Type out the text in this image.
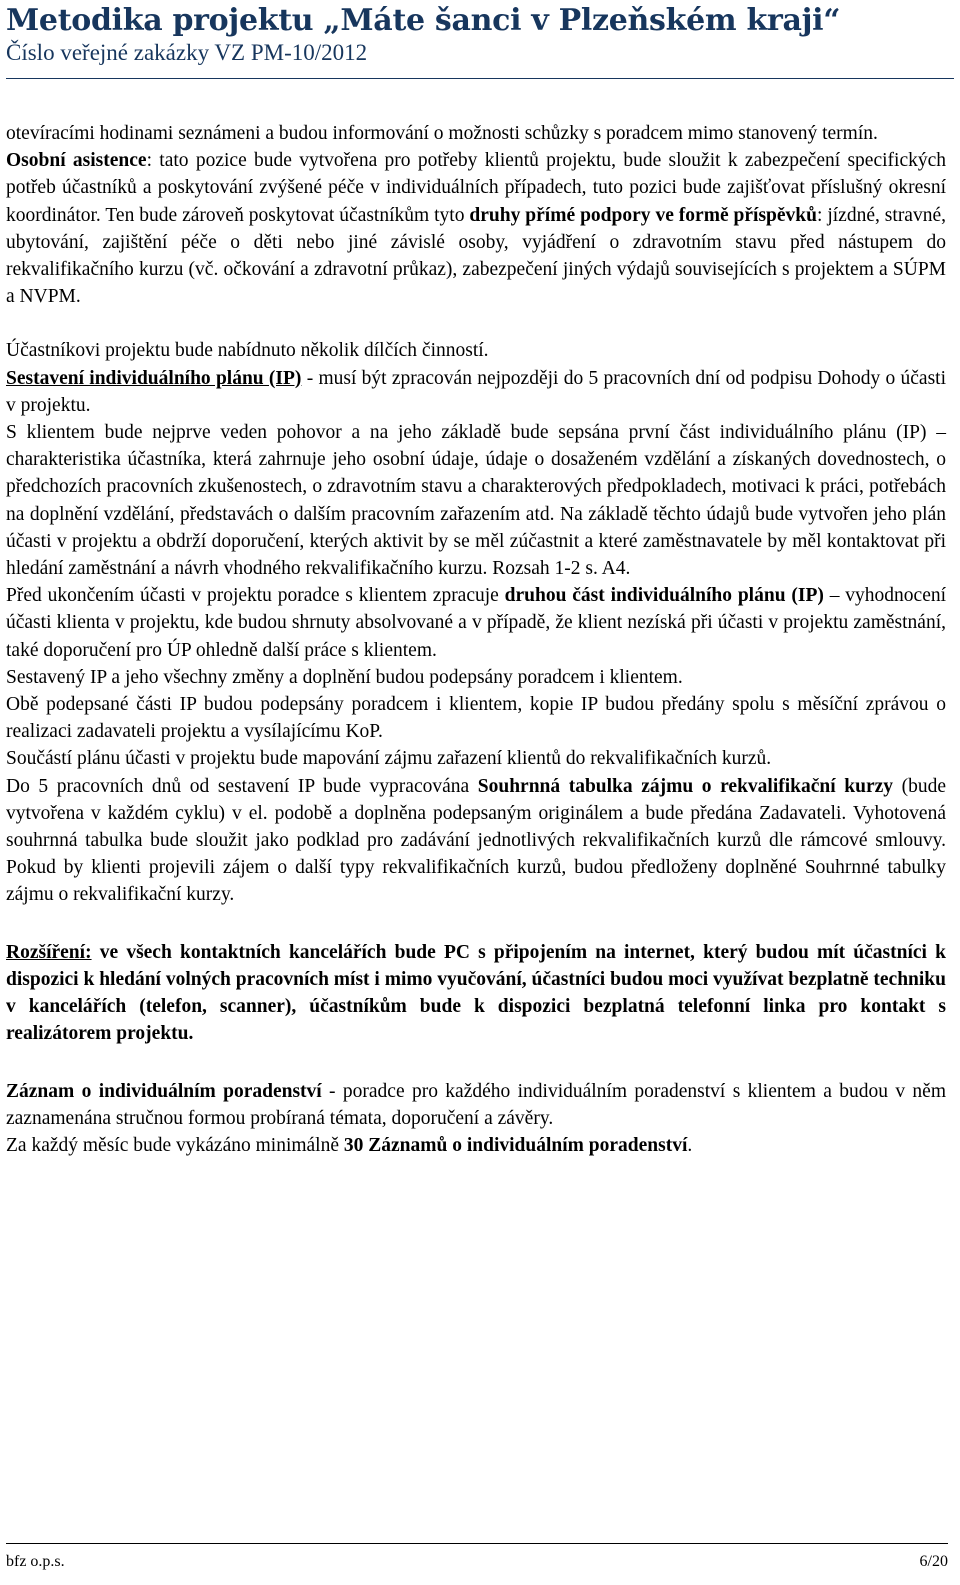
Metodika projektu „Máte šanci v Plzeňském kraji“
Číslo veřejné zakázky VZ PM-10/2012

otevíracími hodinami seznámeni a budou informování o možnosti schůzky s poradcem mimo stanovený termín.

Osobní asistence: tato pozice bude vytvořena pro potřeby klientů projektu, bude sloužit k zabezpečení specifických potřeb účastníků a poskytování zvýšené péče v individuálních případech, tuto pozici bude zajišťovat příslušný okresní koordinátor. Ten bude zároveň poskytovat účastníkům tyto druhy přímé podpory ve formě příspěvků: jízdné, stravné, ubytování, zajištění péče o děti nebo jiné závislé osoby, vyjádření o zdravotním stavu před nástupem do rekvalifikačního kurzu (vč. očkování a zdravotní průkaz), zabezpečení jiných výdajů souvisejících s projektem a SÚPM a NVPM.

Účastníkovi projektu bude nabídnuto několik dílčích činností.

Sestavení individuálního plánu (IP) - musí být zpracován nejpozději do 5 pracovních dní od podpisu Dohody o účasti v projektu.

S klientem bude nejprve veden pohovor a na jeho základě bude sepsána první část individuálního plánu (IP) – charakteristika účastníka, která zahrnuje jeho osobní údaje, údaje o dosaženém vzdělání a získaných dovednostech, o předchozích pracovních zkušenostech, o zdravotním stavu a charakterových předpokladech, motivaci k práci, potřebách na doplnění vzdělání, představách o dalším pracovním zařazením atd. Na základě těchto údajů bude vytvořen jeho plán účasti v projektu a obdrží doporučení, kterých aktivit by se měl zúčastnit a které zaměstnavatele by měl kontaktovat při hledání zaměstnání a návrh vhodného rekvalifikačního kurzu. Rozsah 1-2 s. A4.

Před ukončením účasti v projektu poradce s klientem zpracuje druhou část individuálního plánu (IP) – vyhodnocení účasti klienta v projektu, kde budou shrnuty absolvované a v případě, že klient nezíská při účasti v projektu zaměstnání, také doporučení pro ÚP ohledně další práce s klientem.

Sestavený IP a jeho všechny změny a doplnění budou podepsány poradcem i klientem.

Obě podepsané části IP budou podepsány poradcem i klientem, kopie IP budou předány spolu s měsíční zprávou o realizaci zadavateli projektu a vysílajícímu KoP.

Součástí plánu účasti v projektu bude mapování zájmu zařazení klientů do rekvalifikačních kurzů.

Do 5 pracovních dnů od sestavení IP bude vypracována Souhrnná tabulka zájmu o rekvalifikační kurzy (bude vytvořena v každém cyklu) v el. podobě a doplněna podepsaným originálem a bude předána Zadavateli. Vyhotovená souhrnná tabulka bude sloužit jako podklad pro zadávání jednotlivých rekvalifikačních kurzů dle rámcové smlouvy. Pokud by klienti projevili zájem o další typy rekvalifikačních kurzů, budou předloženy doplněné Souhrnné tabulky zájmu o rekvalifikační kurzy.

Rozšíření: ve všech kontaktních kancelářích bude PC s připojením na internet, který budou mít účastníci k dispozici k hledání volných pracovních míst i mimo vyučování, účastníci budou moci využívat bezplatně techniku v kancelářích (telefon, scanner), účastníkům bude k dispozici bezplatná telefonní linka pro kontakt s realizátorem projektu.

Záznam o individuálním poradenství - poradce pro každého individuálním poradenství s klientem a budou v něm zaznamenána stručnou formou probíraná témata, doporučení a závěry.

Za každý měsíc bude vykázáno minimálně 30 Záznamů o individuálním poradenství.

bfz o.p.s.	6/20
